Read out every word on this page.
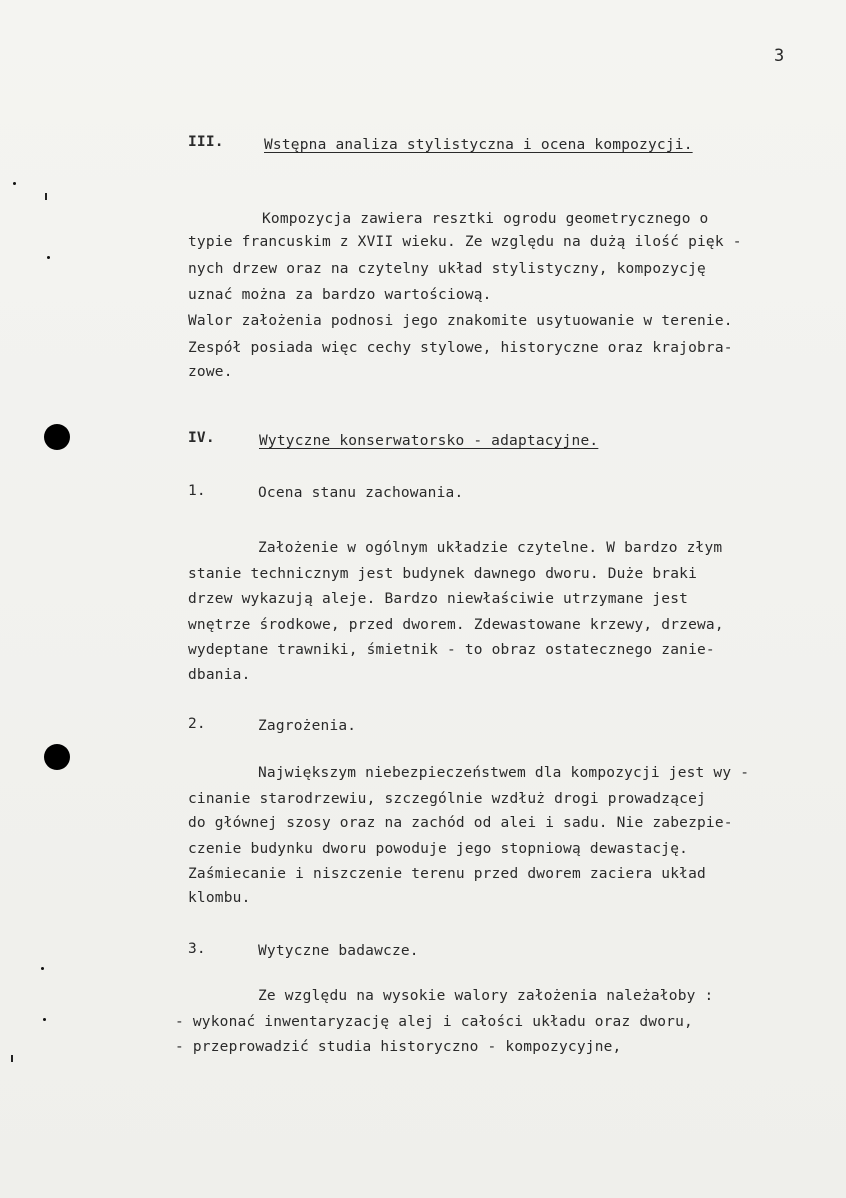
3
III.	Wstępna analiza stylistyczna i ocena kompozycji.
Kompozycja zawiera resztki ogrodu geometrycznego o
typie francuskim z XVII wieku. Ze względu na dużą ilość pięk -
nych drzew oraz na czytelny układ stylistyczny, kompozycję
uznać można za bardzo wartościową.
Walor założenia podnosi jego znakomite usytuowanie w terenie.
Zespół posiada więc cechy stylowe, historyczne oraz krajobra-
zowe.
IV.	Wytyczne konserwatorsko - adaptacyjne.
1.	Ocena stanu zachowania.
Założenie w ogólnym układzie czytelne. W bardzo złym
stanie technicznym jest budynek dawnego dworu. Duże braki
drzew wykazują aleje. Bardzo niewłaściwie utrzymane jest
wnętrze środkowe, przed dworem. Zdewastowane krzewy, drzewa,
wydeptane trawniki, śmietnik - to obraz ostatecznego zanie-
dbania.
2.	Zagrożenia.
Największym niebezpieczeństwem dla kompozycji jest wy -
cinanie starodrzewiu, szczególnie wzdłuż drogi prowadzącej
do głównej szosy oraz na zachód od alei i sadu. Nie zabezpie-
czenie budynku dworu powoduje jego stopniową dewastację.
Zaśmiecanie i niszczenie terenu przed dworem zaciera układ
klombu.
3.	Wytyczne badawcze.
Ze względu na wysokie walory założenia należałoby :
- wykonać inwentaryzację alej i całości układu oraz dworu,
- przeprowadzić studia historyczno - kompozycyjne,
